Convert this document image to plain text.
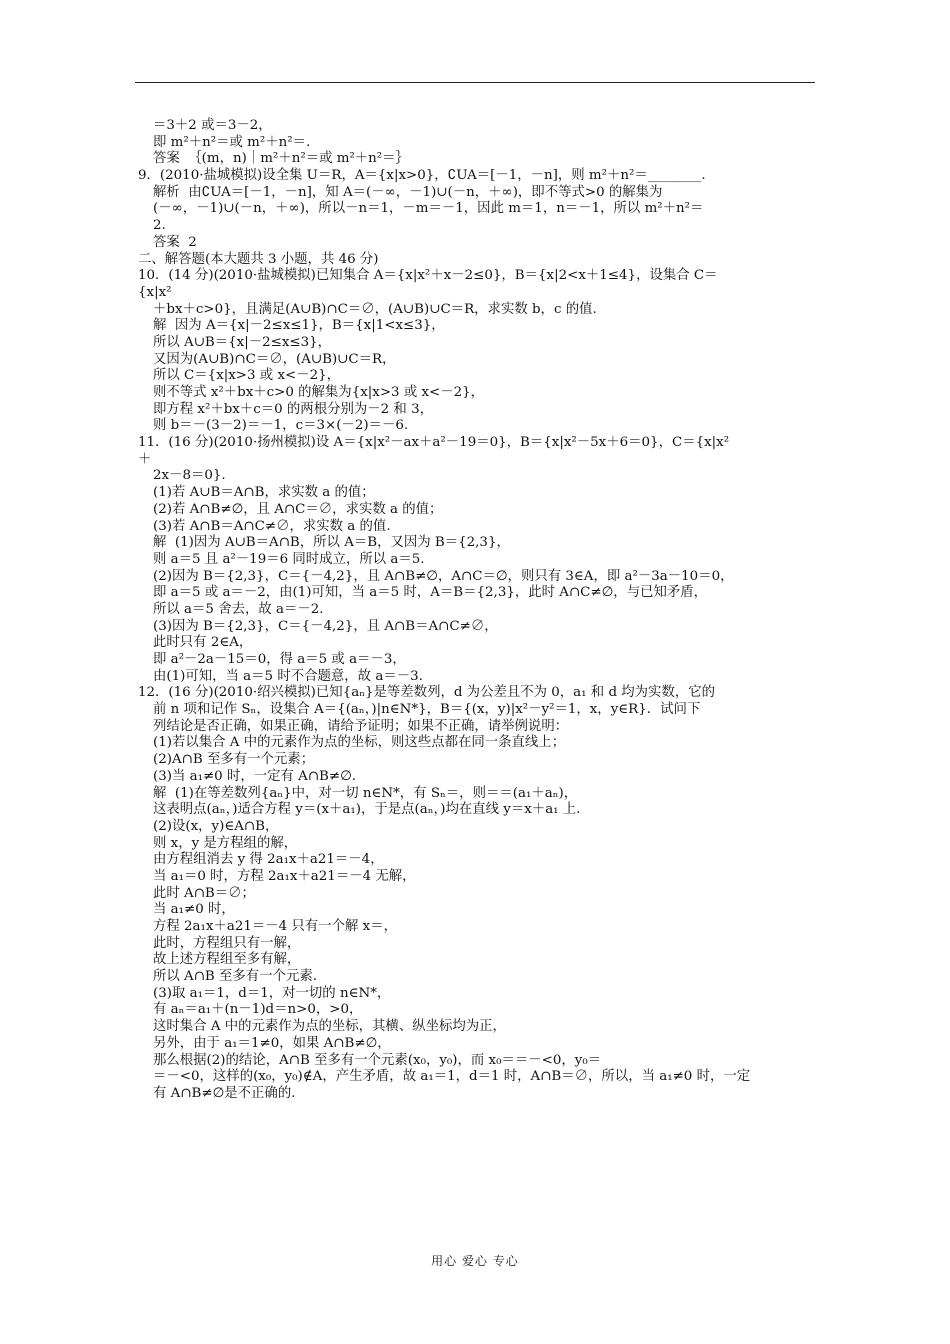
＝3＋2 或＝3－2，
即 m²＋n²＝或 m²＋n²＝.
答案  ｛(m，n)｜m²＋n²＝或 m²＋n²＝｝
9．(2010·盐城模拟)设全集 U＝R，A＝{x|x>0}，∁UA＝[－1，－n]，则 m²＋n²＝________.
解析  由∁UA＝[－1，－n]，知 A＝(－∞，－1)∪(－n，＋∞)，即不等式>0 的解集为
(－∞，－1)∪(－n，＋∞)，所以－n＝1，－m＝－1，因此 m＝1，n＝－1，所以 m²＋n²＝
2.
答案  2
二、解答题(本大题共 3 小题，共 46 分)
10．(14 分)(2010·盐城模拟)已知集合 A＝{x|x²＋x－2≤0}，B＝{x|2<x＋1≤4}，设集合 C＝
{x|x²
＋bx＋c>0}，且满足(A∪B)∩C＝∅，(A∪B)∪C＝R，求实数 b，c 的值.
解  因为 A＝{x|－2≤x≤1}，B＝{x|1<x≤3}，
所以 A∪B＝{x|－2≤x≤3}，
又因为(A∪B)∩C＝∅，(A∪B)∪C＝R，
所以 C＝{x|x>3 或 x<－2}，
则不等式 x²＋bx＋c>0 的解集为{x|x>3 或 x<－2}，
即方程 x²＋bx＋c＝0 的两根分别为－2 和 3，
则 b＝－(3－2)＝－1，c＝3×(－2)＝－6.
11．(16 分)(2010·扬州模拟)设 A＝{x|x²－ax＋a²－19＝0}，B＝{x|x²－5x＋6＝0}，C＝{x|x²
＋
2x－8＝0}.
(1)若 A∪B＝A∩B，求实数 a 的值；
(2)若 A∩B≠∅，且 A∩C＝∅，求实数 a 的值；
(3)若 A∩B＝A∩C≠∅，求实数 a 的值.
解  (1)因为 A∪B＝A∩B，所以 A＝B，又因为 B＝{2,3}，
则 a＝5 且 a²－19＝6 同时成立，所以 a＝5.
(2)因为 B＝{2,3}，C＝{－4,2}，且 A∩B≠∅，A∩C＝∅，则只有 3∈A，即 a²－3a－10＝0，
即 a＝5 或 a＝－2，由(1)可知，当 a＝5 时，A＝B＝{2,3}，此时 A∩C≠∅，与已知矛盾，
所以 a＝5 舍去，故 a＝－2.
(3)因为 B＝{2,3}，C＝{－4,2}，且 A∩B＝A∩C≠∅，
此时只有 2∈A，
即 a²－2a－15＝0，得 a＝5 或 a＝－3，
由(1)可知，当 a＝5 时不合题意，故 a＝－3.
12．(16 分)(2010·绍兴模拟)已知{aₙ}是等差数列，d 为公差且不为 0，a₁ 和 d 均为实数，它的
前 n 项和记作 Sₙ，设集合 A＝{(aₙ，)|n∈N*}，B＝{(x，y)|x²－y²＝1，x，y∈R}．试问下
列结论是否正确，如果正确，请给予证明；如果不正确，请举例说明：
(1)若以集合 A 中的元素作为点的坐标，则这些点都在同一条直线上；
(2)A∩B 至多有一个元素；
(3)当 a₁≠0 时，一定有 A∩B≠∅.
解  (1)在等差数列{aₙ}中，对一切 n∈N*，有 Sₙ＝，则＝＝(a₁＋aₙ)，
这表明点(aₙ，)适合方程 y＝(x＋a₁)，于是点(aₙ，)均在直线 y＝x＋a₁ 上.
(2)设(x，y)∈A∩B，
则 x，y 是方程组的解，
由方程组消去 y 得 2a₁x＋a21＝－4，
当 a₁＝0 时，方程 2a₁x＋a21＝－4 无解，
此时 A∩B＝∅；
当 a₁≠0 时，
方程 2a₁x＋a21＝－4 只有一个解 x＝，
此时，方程组只有一解，
故上述方程组至多有解，
所以 A∩B 至多有一个元素.
(3)取 a₁＝1，d＝1，对一切的 n∈N*，
有 aₙ＝a₁＋(n－1)d＝n>0，>0，
这时集合 A 中的元素作为点的坐标，其横、纵坐标均为正，
另外，由于 a₁＝1≠0，如果 A∩B≠∅，
那么根据(2)的结论，A∩B 至多有一个元素(x₀，y₀)，而 x₀＝＝－<0，y₀＝
＝－<0，这样的(x₀，y₀)∉A，产生矛盾，故 a₁＝1，d＝1 时，A∩B＝∅，所以，当 a₁≠0 时，一定
有 A∩B≠∅是不正确的.
用心 爱心 专心
